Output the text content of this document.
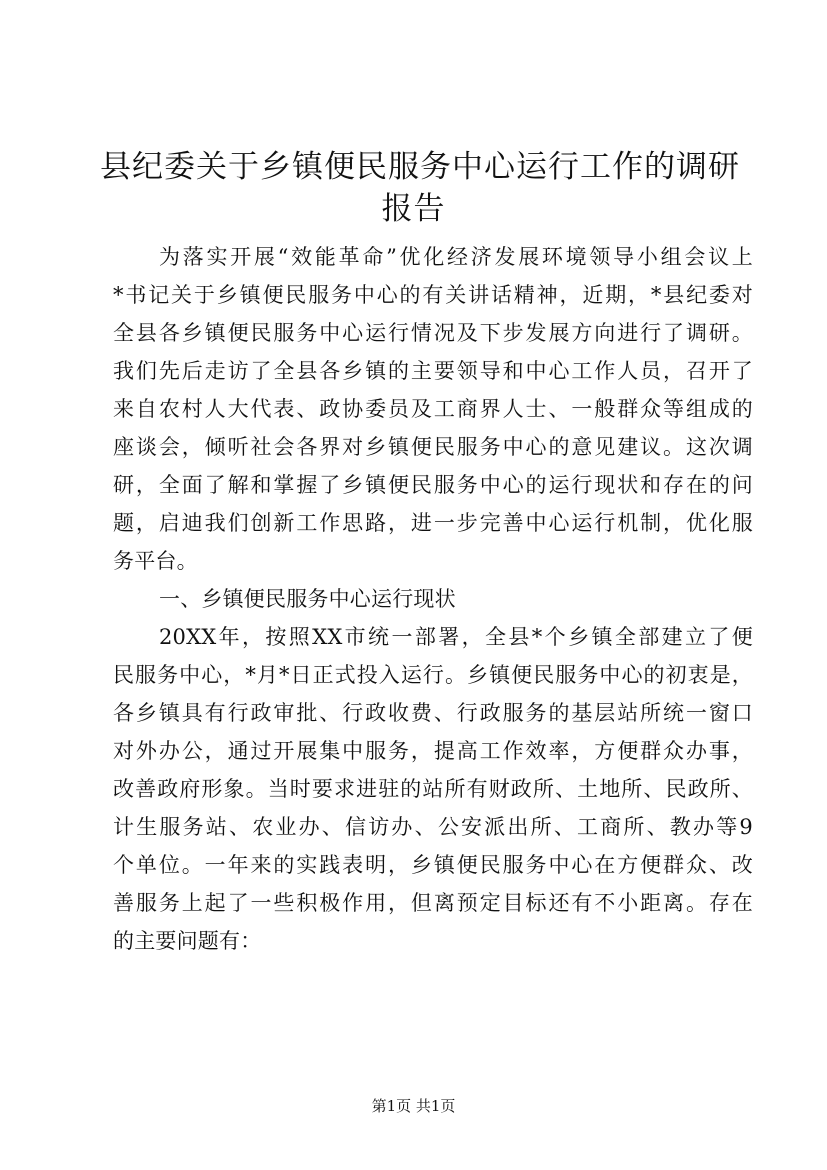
县纪委关于乡镇便民服务中心运行工作的调研
报告

为落实开展“效能革命”优化经济发展环境领导小组会议上
*书记关于乡镇便民服务中心的有关讲话精神，近期，*县纪委对
全县各乡镇便民服务中心运行情况及下步发展方向进行了调研。
我们先后走访了全县各乡镇的主要领导和中心工作人员，召开了
来自农村人大代表、政协委员及工商界人士、一般群众等组成的
座谈会，倾听社会各界对乡镇便民服务中心的意见建议。这次调
研，全面了解和掌握了乡镇便民服务中心的运行现状和存在的问
题，启迪我们创新工作思路，进一步完善中心运行机制，优化服
务平台。

一、乡镇便民服务中心运行现状

20XX年，按照XX市统一部署，全县*个乡镇全部建立了便
民服务中心，*月*日正式投入运行。乡镇便民服务中心的初衷是，
各乡镇具有行政审批、行政收费、行政服务的基层站所统一窗口
对外办公，通过开展集中服务，提高工作效率，方便群众办事，
改善政府形象。当时要求进驻的站所有财政所、土地所、民政所、
计生服务站、农业办、信访办、公安派出所、工商所、教办等9
个单位。一年来的实践表明，乡镇便民服务中心在方便群众、改
善服务上起了一些积极作用，但离预定目标还有不小距离。存在
的主要问题有：

第1页 共1页
